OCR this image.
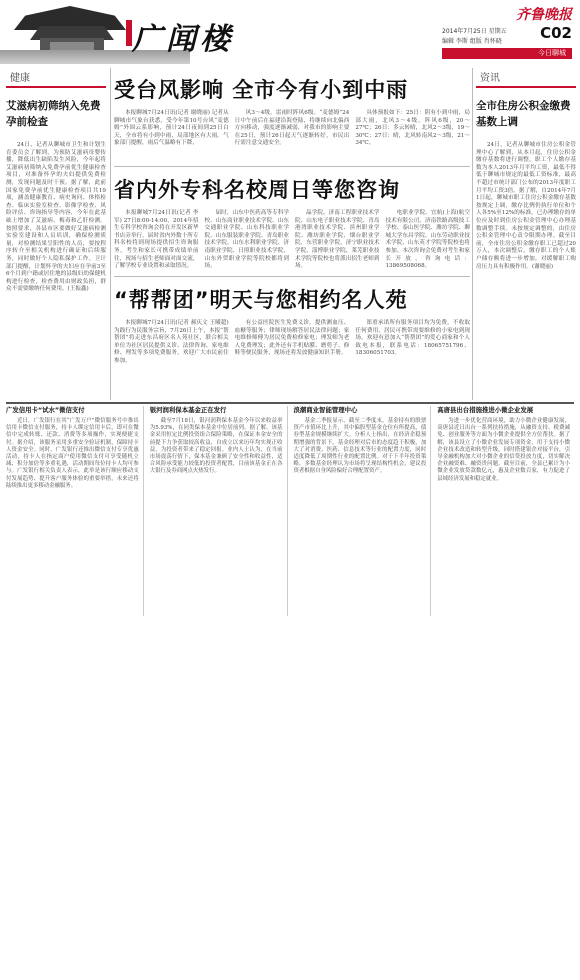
广闻楼
齐鲁晚报
2014年7月25日 星期五
编辑 李斯 组版 肖怀晓	C02
今日聊城
健康
艾滋病初筛纳入免费孕前检查

24日，记者从聊城市卫生和计划生育委员会了解到，为预防艾滋病母婴传播，降低出生缺陷发生风险，今年起将艾滋病初筛纳入免费孕前优生健康检查项目，对准备怀孕的夫妇提供免费检测，发现问题及时干预。据了解，此前国家免费孕前优生健康检查项目共19项，涵盖健康教育、病史询问、体格检查、临床实验室检查、影像学检查、风险评估、咨询指导等内容，今年在此基础上增加了艾滋病、梅毒和乙肝检测。按照要求，各县市区要做好艾滋病检测实验室建设和人员培训，确保检测质量，对检测结果呈阳性的人员，要按程序转介至相关机构进行确证和后续服务，同时做好个人隐私保护工作。卫计部门提醒，计划怀孕的夫妇应在孕前3至6个月到户籍或居住地的县级妇幼保健机构进行检查，检查费用由财政负担，群众不需要缴纳任何费用。(王振鑫)

受台风影响 全市今有小到中雨

本报聊城7月24日讯(记者 谢晓丽) 记者从聊城市气象台获悉，受今年第10号台风“麦德姆”外围云系影响，预计24日夜间到25日白天，全市将有小到中雨，局部地区有大雨。气象部门提醒，雨后气温略有下降，

风3～4级，雷雨时阵风6级。“麦德姆”24日中午前后在福建沿海登陆，将继续向北偏西方向移动，强度逐渐减弱，对我市的影响主要在25日，预计26日起天气逐渐转好，市民出行需注意交通安全。

具体预报如下：25日：阴有小到中雨，局部大雨，北风3～4级，阵风6级，20～27℃；26日：多云转晴，北风2～3级，19～30℃；27日：晴，北风转南风2～3级，21～34℃。

省内外专科名校周日等您咨询

本报聊城7月24日讯(记者 李军) 27日8:00-14:00，2014年招生专科学校咨询会将在开发区新华书店旁举行，届时省内外数十所专科名校将到现场提供招生咨询服务，考生和家长可携带成绩单前往，现场与招生老师面对面交流，了解学校专业设置和录取情况。

届时，山东中医药高等专科学校、山东商业职业技术学院、山东交通职业学院、山东科技职业学院、山东服装职业学院、青岛职业技术学院、山东水利职业学院、济南职业学院、日照职业技术学院、山东外贸职业学院等院校都将到场。

晶学院、济南工程职业技术学院、山东电子职业技术学院、青岛港湾职业技术学院、滨州职业学院、潍坊职业学院、烟台职业学院、东营职业学院、济宁职业技术学院、淄博职业学院、莱芜职业技术学院等院校也将派出招生老师到场。

电职业学院、宜航(上海)航空技术有限公司、济南铁路高级技工学校、泰山医学院、潍坊学院、聊城大学东昌学院、山东劳动职业技术学院、山东英才学院等院校也将参加。本次咨询会免费对考生和家长开放，咨询电话：13869508068。

“帮帮团”明天与您相约名人苑

本报聊城7月24日讯(记者 郝庆文 王曦超) 为践行为民服务宗旨，7月26日上午，本报“帮帮团”将走进东昌府区名人苑社区，联合相关单位为社区居民提供义诊、法律咨询、家电维修、理发等多项免费服务，欢迎广大市民前往参加。

有公益医院医生免费义诊，提供测血压、血糖等服务；律师现场解答居民法律问题；家电维修师傅为居民免费检修家电；理发师为老人免费理发；此外还有手机贴膜、磨剪子、修鞋等便民服务，现场还将发放健康知识手册。

郑重承诺所有服务项目均为免费，不收取任何费用，居民可携带需要维修的小家电到现场。欢迎有意加入“帮帮团”的爱心商家和个人致电本报，联系电话：18065751796、18306051703。

资讯
全市住房公积金缴费基数上调

24日，记者从聊城市住房公积金管理中心了解到，从本月起，住房公积金缴存基数将进行调整，职工个人缴存基数为本人2013年月平均工资，最低不得低于聊城市规定的最低工资标准，最高不超过市统计部门公布的2013年度职工月平均工资3倍。据了解，自2014年7月1日起，聊城市职工住房公积金缴存基数按规定上调，缴存比例仍执行单位和个人各5%至12%的标准，已办理缴存的单位应及时到住房公积金管理中心办理基数调整手续。未按规定调整的，由住房公积金管理中心责令限期办理。截至目前，全市住房公积金缴存职工已超过20万人，本次调整后，缴存职工的个人账户储存额将进一步增加，对缓解职工购房压力具有积极作用。(谢晓丽)

广发信用卡“试水”微信支付

近日，广发银行在其“广发万户”微信服务号中推出信用卡微信支付服务，持卡人绑定信用卡后，即可在微信中完成转账、还款、消费等多项操作，实现便捷支付。据介绍，该服务采用多重安全验证机制，保障持卡人资金安全。同时，广发银行还推出微信支付专享优惠活动，持卡人在指定商户使用微信支付可享受随机立减、积分加倍等多重礼遇，活动期间每位持卡人均可参与。广发银行相关负责人表示，此举是该行顺应移动支付发展趋势、提升客户服务体验的重要举措，未来还将陆续推出更多移动金融服务。

银河润利保本基金正在发行

截至7月18日，银河润利保本基金今年以来收益率为5.93%，在同类保本基金中位居前列。据了解，该基金采用恒定比例投资组合保险策略，在保证本金安全的前提下力争获取较高收益，自成立以来历年均实现正收益，为投资者带来了稳定回报。业内人士认为，在当前市场震荡行情下，保本基金兼顾了安全性和收益性，适合风险承受能力较低的投资者配置，目前该基金正在各大银行及券商网点火热发行。

浪潮商业智能管理中心

基金二季报显示，截至二季度末，基金持有的股票资产市值环比上升，其中偏股型基金仓位有所提高，债券型基金规模继续扩大。分析人士指出，在经济企稳预期增强的背景下，基金经理对后市的态度趋于积极，加大了对消费、医药、信息技术等行业的配置力度，同时适度降低了周期性行业的配置比例。对于下半年投资策略，多数基金经理认为市场将呈现结构性机会，建议投资者根据自身风险偏好合理配置资产。

高唐县出台措施推进小微企业发展

为进一步优化营商环境，助力小微企业健康发展，高唐县近日出台一系列扶持措施，从融资支持、税费减免、创业服务等方面为小微企业提供全方位帮扶。据了解，该县设立了小微企业发展专项资金，用于支持小微企业技术改造和转型升级，同时搭建银企对接平台，引导金融机构加大对小微企业的信贷投放力度，切实解决企业融资难、融资贵问题。截至目前，全县已累计为小微企业发放贷款数亿元，惠及企业数百家，有力促进了县域经济发展和稳定就业。
